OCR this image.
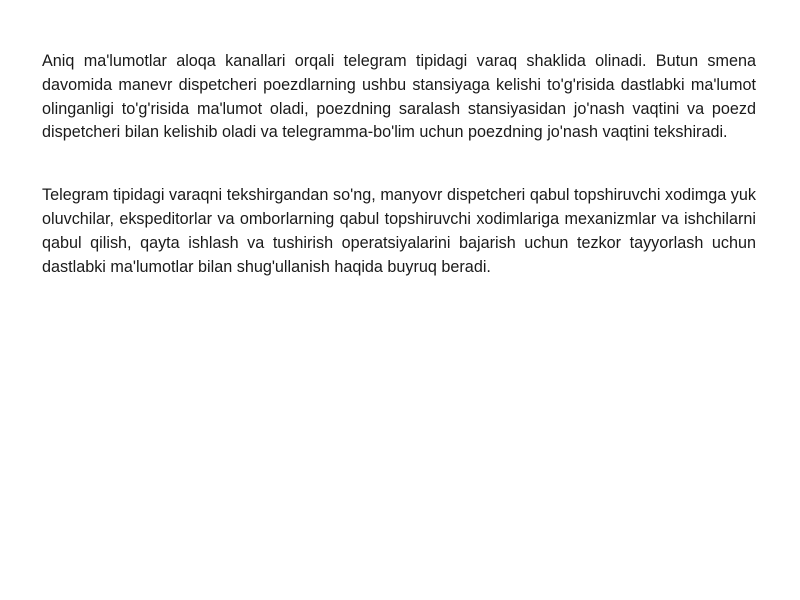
Aniq ma'lumotlar aloqa kanallari orqali telegram tipidagi varaq shaklida olinadi. Butun smena davomida manevr dispetcheri poezdlarning ushbu stansiyaga kelishi to'g'risida dastlabki ma'lumot olinganligi to'g'risida ma'lumot oladi, poezdning saralash stansiyasidan jo'nash vaqtini va poezd dispetcheri bilan kelishib oladi va telegramma-bo'lim uchun poezdning jo'nash vaqtini tekshiradi.

Telegram tipidagi varaqni tekshirgandan so'ng, manyovr dispetcheri qabul topshiruvchi xodimga yuk oluvchilar, ekspeditorlar va omborlarning qabul topshiruvchi xodimlariga mexanizmlar va ishchilarni qabul qilish, qayta ishlash va tushirish operatsiyalarini bajarish uchun tezkor tayyorlash uchun dastlabki ma'lumotlar bilan shug'ullanish haqida buyruq beradi.
